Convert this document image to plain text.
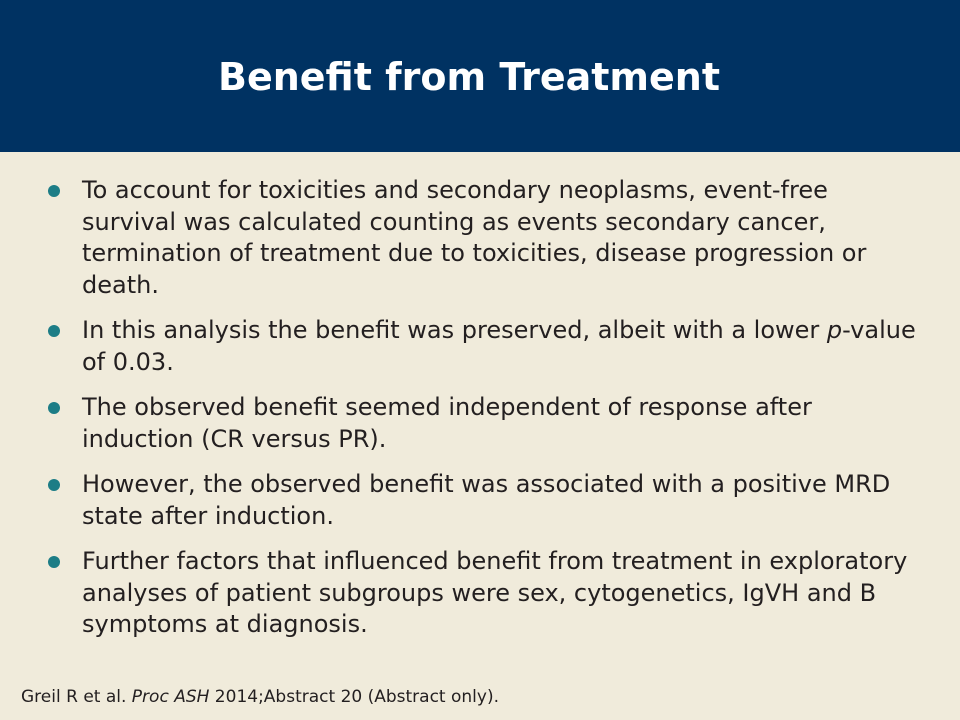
Benefit from Treatment
To account for toxicities and secondary neoplasms, event-free survival was calculated counting as events secondary cancer, termination of treatment due to toxicities, disease progression or death.
In this analysis the benefit was preserved, albeit with a lower p-value of 0.03.
The observed benefit seemed independent of response after induction (CR versus PR).
However, the observed benefit was associated with a positive MRD state after induction.
Further factors that influenced benefit from treatment in exploratory analyses of patient subgroups were sex, cytogenetics, IgVH and B symptoms at diagnosis.
Greil R et al. Proc ASH 2014;Abstract 20 (Abstract only).
